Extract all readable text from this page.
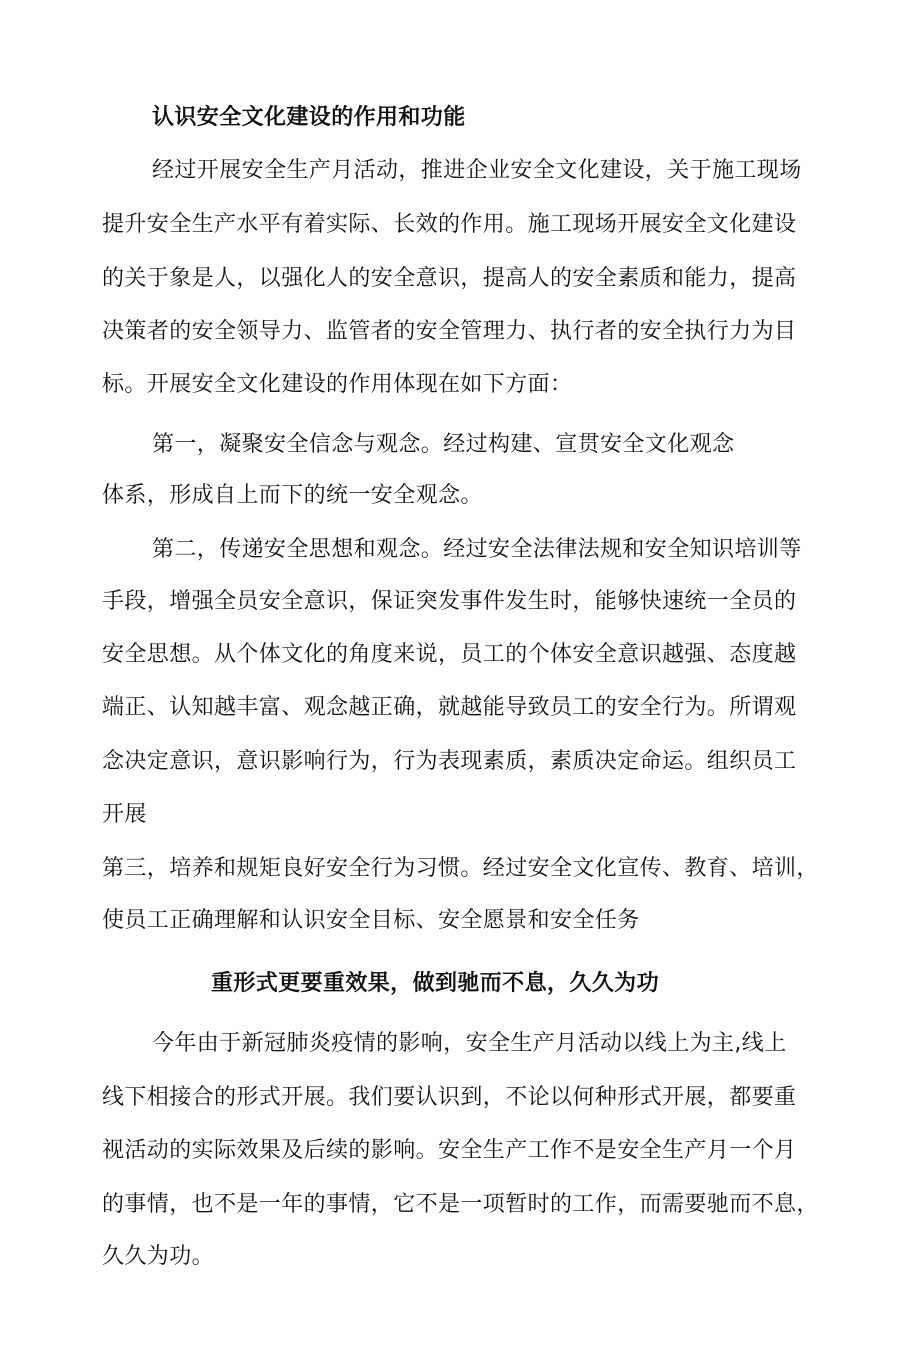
认识安全文化建设的作用和功能
经过开展安全生产月活动，推进企业安全文化建设，关于施工现场
提升安全生产水平有着实际、长效的作用。施工现场开展安全文化建设
的关于象是人，以强化人的安全意识，提高人的安全素质和能力，提高
决策者的安全领导力、监管者的安全管理力、执行者的安全执行力为目
标。开展安全文化建设的作用体现在如下方面：
第一，凝聚安全信念与观念。经过构建、宣贯安全文化观念
体系，形成自上而下的统一安全观念。
第二，传递安全思想和观念。经过安全法律法规和安全知识培训等
手段，增强全员安全意识，保证突发事件发生时，能够快速统一全员的
安全思想。从个体文化的角度来说，员工的个体安全意识越强、态度越
端正、认知越丰富、观念越正确，就越能导致员工的安全行为。所谓观
念决定意识，意识影响行为，行为表现素质，素质决定命运。组织员工
开展
第三，培养和规矩良好安全行为习惯。经过安全文化宣传、教育、培训，
使员工正确理解和认识安全目标、安全愿景和安全任务
重形式更要重效果，做到驰而不息，久久为功
今年由于新冠肺炎疫情的影响，安全生产月活动以线上为主,线上
线下相接合的形式开展。我们要认识到，不论以何种形式开展，都要重
视活动的实际效果及后续的影响。安全生产工作不是安全生产月一个月
的事情，也不是一年的事情，它不是一项暂时的工作，而需要驰而不息，
久久为功。
